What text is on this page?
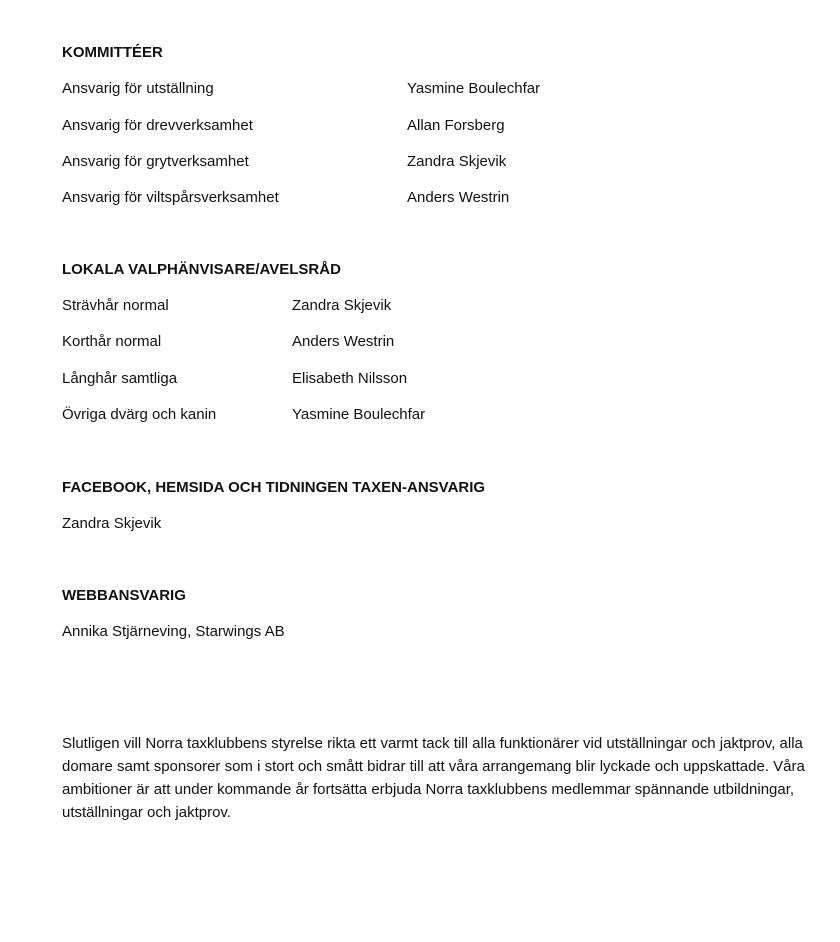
KOMMITTÉER
Ansvarig för utställning	Yasmine Boulechfar
Ansvarig för drevverksamhet	Allan Forsberg
Ansvarig för grytverksamhet	Zandra Skjevik
Ansvarig för viltspårsverksamhet	Anders Westrin
LOKALA VALPHÄNVISARE/AVELSRÅD
Strävhår normal	Zandra Skjevik
Korthår normal	Anders Westrin
Långhår samtliga	Elisabeth Nilsson
Övriga dvärg och kanin	Yasmine Boulechfar
FACEBOOK, HEMSIDA OCH TIDNINGEN TAXEN-ANSVARIG
Zandra Skjevik
WEBBANSVARIG
Annika Stjärneving, Starwings AB

Slutligen vill Norra taxklubbens styrelse rikta ett varmt tack till alla funktionärer vid utställningar och jaktprov, alla domare samt sponsorer som i stort och smått bidrar till att våra arrangemang blir lyckade och uppskattade. Våra ambitioner är att under kommande år fortsätta erbjuda Norra taxklubbens medlemmar spännande utbildningar, utställningar och jaktprov.
